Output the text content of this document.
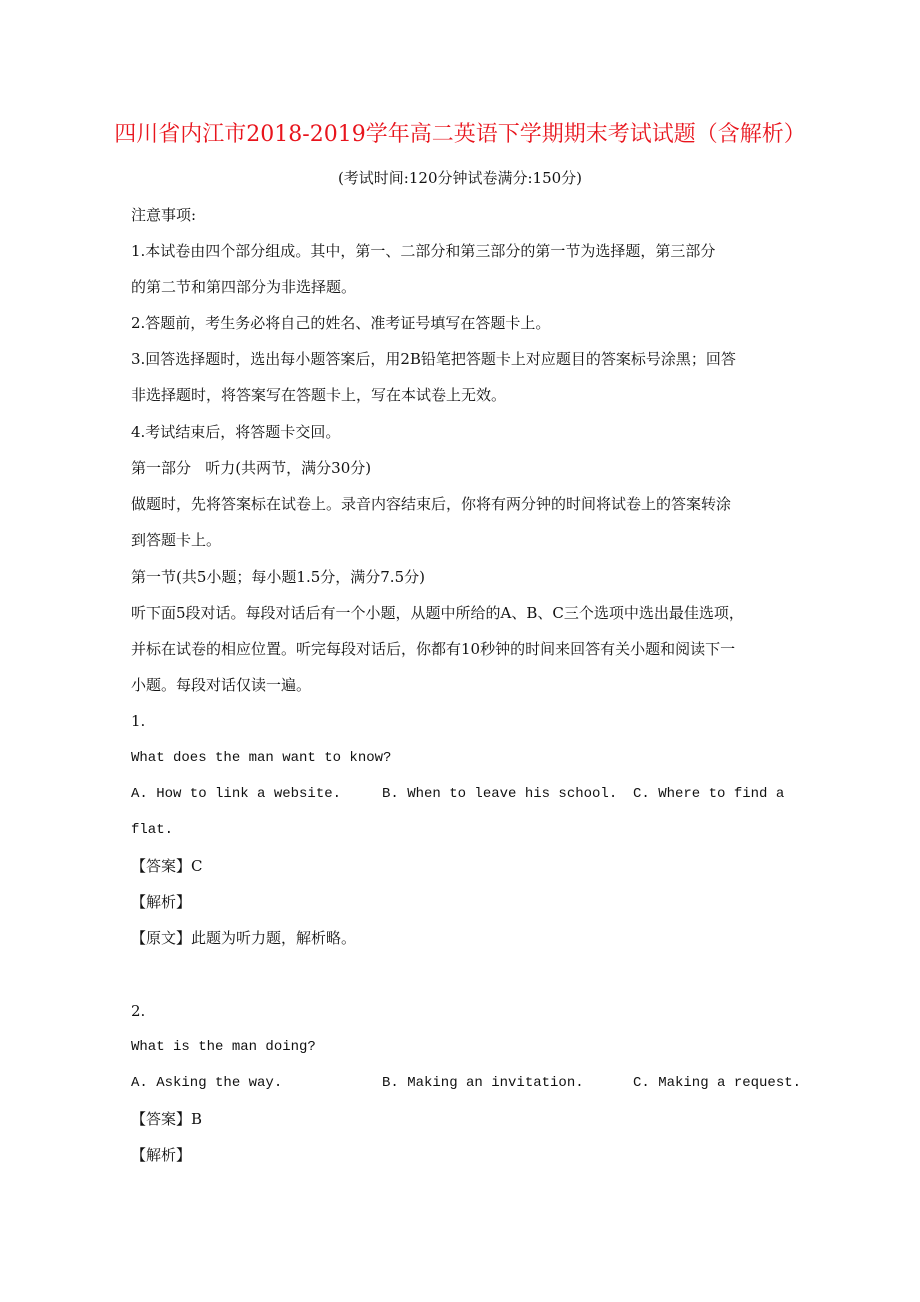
四川省内江市2018-2019学年高二英语下学期期末考试试题（含解析）
(考试时间:120分钟试卷满分:150分)
注意事项:
1.本试卷由四个部分组成。其中，第一、二部分和第三部分的第一节为选择题，第三部分
的第二节和第四部分为非选择题。
2.答题前，考生务必将自己的姓名、准考证号填写在答题卡上。
3.回答选择题时，选出每小题答案后，用2B铅笔把答题卡上对应题目的答案标号涂黑；回答
非选择题时，将答案写在答题卡上，写在本试卷上无效。
4.考试结束后，将答题卡交回。
第一部分   听力(共两节，满分30分)
做题时，先将答案标在试卷上。录音内容结束后，你将有两分钟的时间将试卷上的答案转涂
到答题卡上。
第一节(共5小题；每小题1.5分，满分7.5分)
听下面5段对话。每段对话后有一个小题，从题中所给的A、B、C三个选项中选出最佳选项，
并标在试卷的相应位置。听完每段对话后，你都有10秒钟的时间来回答有关小题和阅读下一
小题。每段对话仅读一遍。
1.
What does the man want to know?
A. How to link a website.	B. When to leave his school. C. Where to find a
flat.
【答案】C
【解析】
【原文】此题为听力题，解析略。
2.
What is the man doing?
A. Asking the way.	B. Making an invitation.	C. Making a request.
【答案】B
【解析】
